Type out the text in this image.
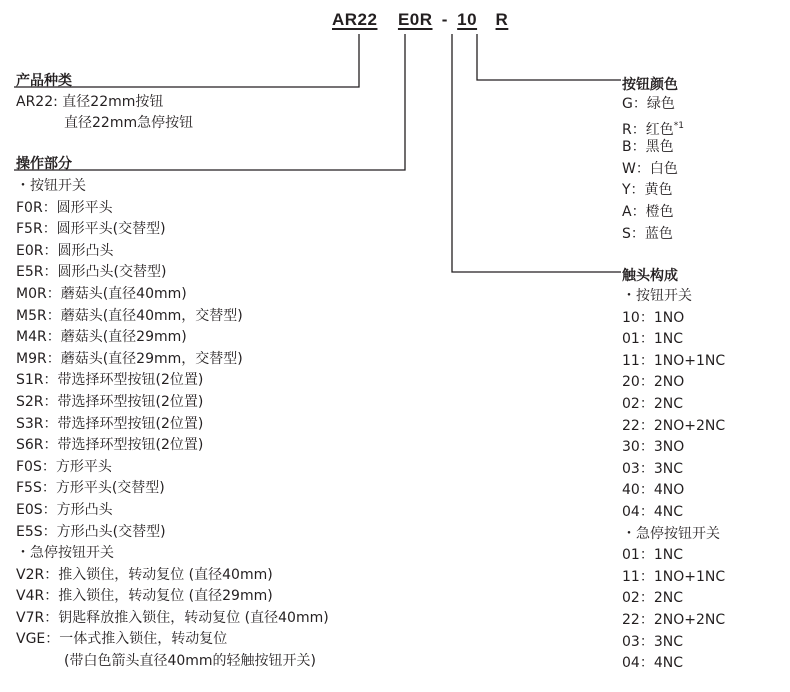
AR22 E0R - 10 R
产品种类
AR22: 直径22mm按钮
直径22mm急停按钮
操作部分
・按钮开关
F0R：圆形平头
F5R：圆形平头(交替型)
E0R：圆形凸头
E5R：圆形凸头(交替型)
M0R：蘑菇头(直径40mm)
M5R：蘑菇头(直径40mm，交替型)
M4R：蘑菇头(直径29mm)
M9R：蘑菇头(直径29mm，交替型)
S1R：带选择环型按钮(2位置)
S2R：带选择环型按钮(2位置)
S3R：带选择环型按钮(2位置)
S6R：带选择环型按钮(2位置)
F0S：方形平头
F5S：方形平头(交替型)
E0S：方形凸头
E5S：方形凸头(交替型)
・急停按钮开关
V2R：推入锁住，转动复位 (直径40mm)
V4R：推入锁住，转动复位 (直径29mm)
V7R：钥匙释放推入锁住，转动复位 (直径40mm)
VGE：一体式推入锁住，转动复位
(带白色箭头直径40mm的轻触按钮开关)
按钮颜色
G：绿色
R：红色$^{*1}$
B：黑色
W：白色
Y：黄色
A：橙色
S：蓝色
触头构成
・按钮开关
10：1NO
01：1NC
11：1NO+1NC
20：2NO
02：2NC
22：2NO+2NC
30：3NO
03：3NC
40：4NO
04：4NC
・急停按钮开关
01：1NC
11：1NO+1NC
02：2NC
22：2NO+2NC
03：3NC
04：4NC
